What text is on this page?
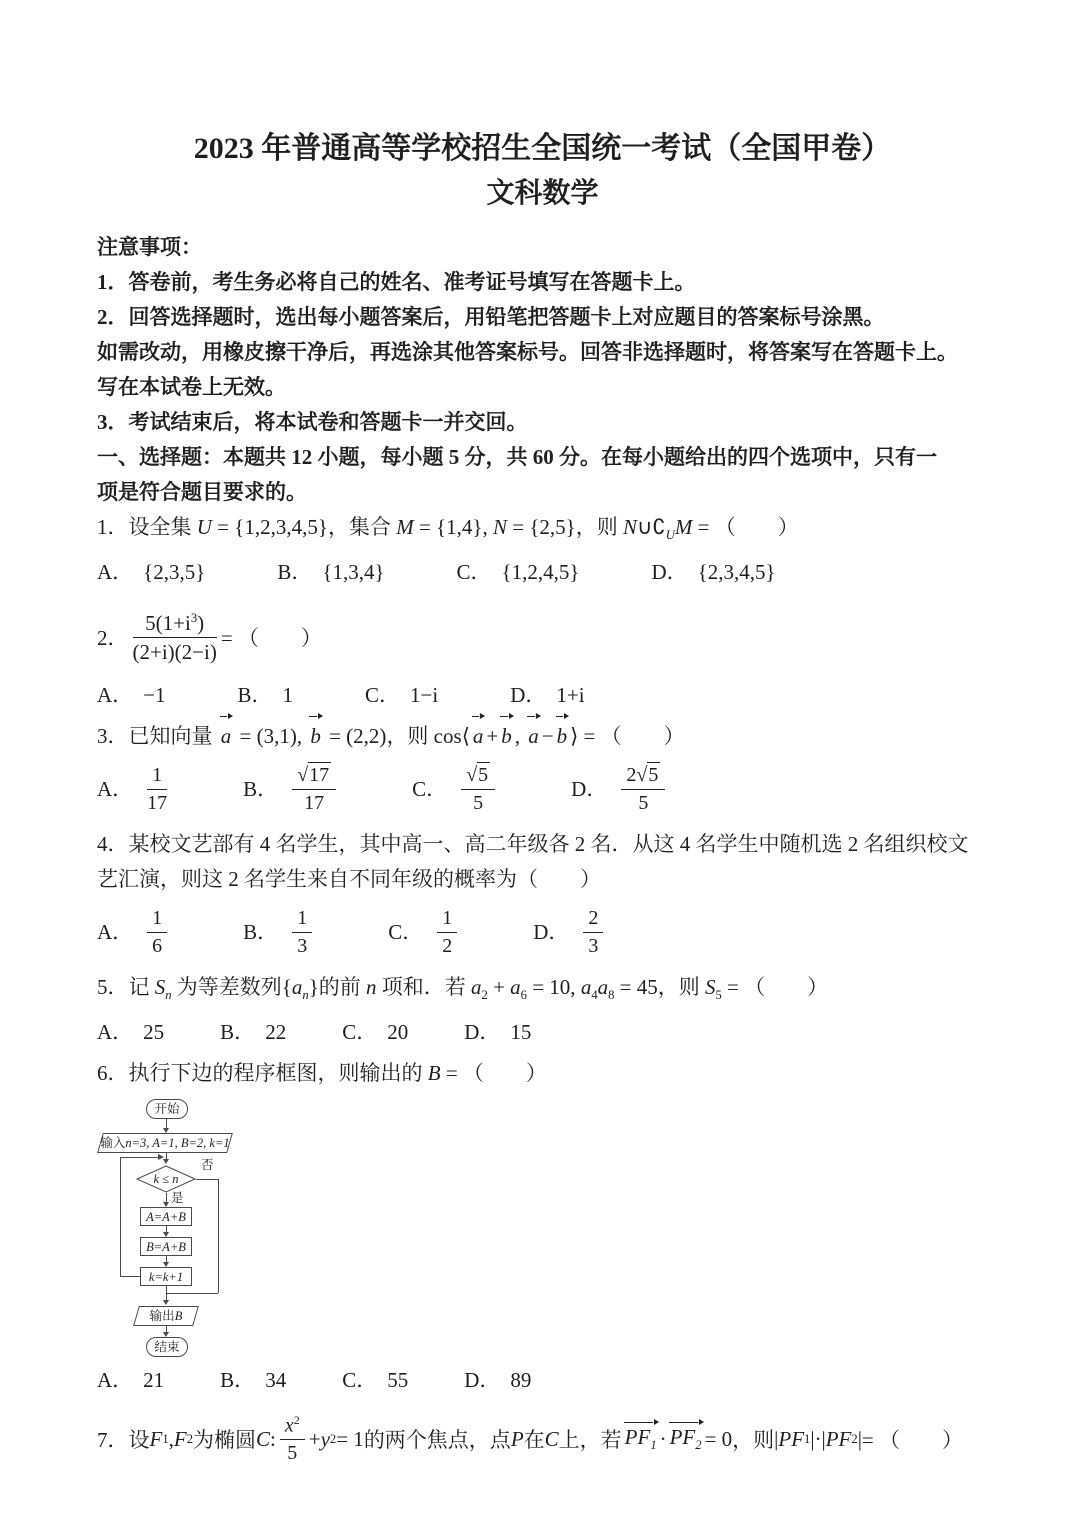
2023 年普通高等学校招生全国统一考试（全国甲卷）
文科数学

注意事项：

1．答卷前，考生务必将自己的姓名、准考证号填写在答题卡上。

2．回答选择题时，选出每小题答案后，用铅笔把答题卡上对应题目的答案标号涂黑。

如需改动，用橡皮擦干净后，再选涂其他答案标号。回答非选择题时，将答案写在答题卡上。

写在本试卷上无效。

3．考试结束后，将本试卷和答题卡一并交回。

一、选择题：本题共 12 小题，每小题 5 分，共 60 分。在每小题给出的四个选项中，只有一

项是符合题目要求的。

1．设全集 U = {1,2,3,4,5}，集合 M = {1,4}, N = {2,5}，则 $N\cup∁_UM$ = （　　）

A． {2,3,5}	B． {1,3,4}	C． {1,2,4,5}	D． {2,3,4,5}
2． $\frac{5(1+i^3)}{(2+i)(2-i)}$ = （　　）
A． −1	B． 1	C． 1−i	D． 1+i

3．已知向量 a = (3,1), b = (2,2)，则 cos⟨ a + b , a − b ⟩ = （　　）

A． $\frac{1}{17}$	B． $\frac{√17}{17}$	C． $\frac{√5}{5}$	D． $\frac{2√5}{5}$

4．某校文艺部有 4 名学生，其中高一、高二年级各 2 名．从这 4 名学生中随机选 2 名组织校文艺汇演，则这 2 名学生来自不同年级的概率为（　　）

A． $\frac{1}{6}$	B． $\frac{1}{3}$	C． $\frac{1}{2}$	D． $\frac{2}{3}$

5．记 $S_n$ 为等差数列$\{a_n\}$的前 n 项和．若 $a_2 + a_6 = 10$, $a_4a_8 = 45$，则 $S_5$ = （　　）

A． 25	B． 22	C． 20	D． 15

6．执行下边的程序框图，则输出的 B = （　　）

开始
输入 n=3, A=1, B=2, k=1
k ≤ n
否
是
A=A+B
B=A+B
k=k+1
输出 B
结束
A． 21	B． 34	C． 55	D． 89
7． 设 F 1 , F 2 为椭圆 C : $\frac{x^2}{5} + y$ 2 = 1 的两个焦点，点 P 在 C 上，若 $PF_1 \cdot PF_2 = 0$ ，则 | PF 1 |·| PF 2 | = （　　）
